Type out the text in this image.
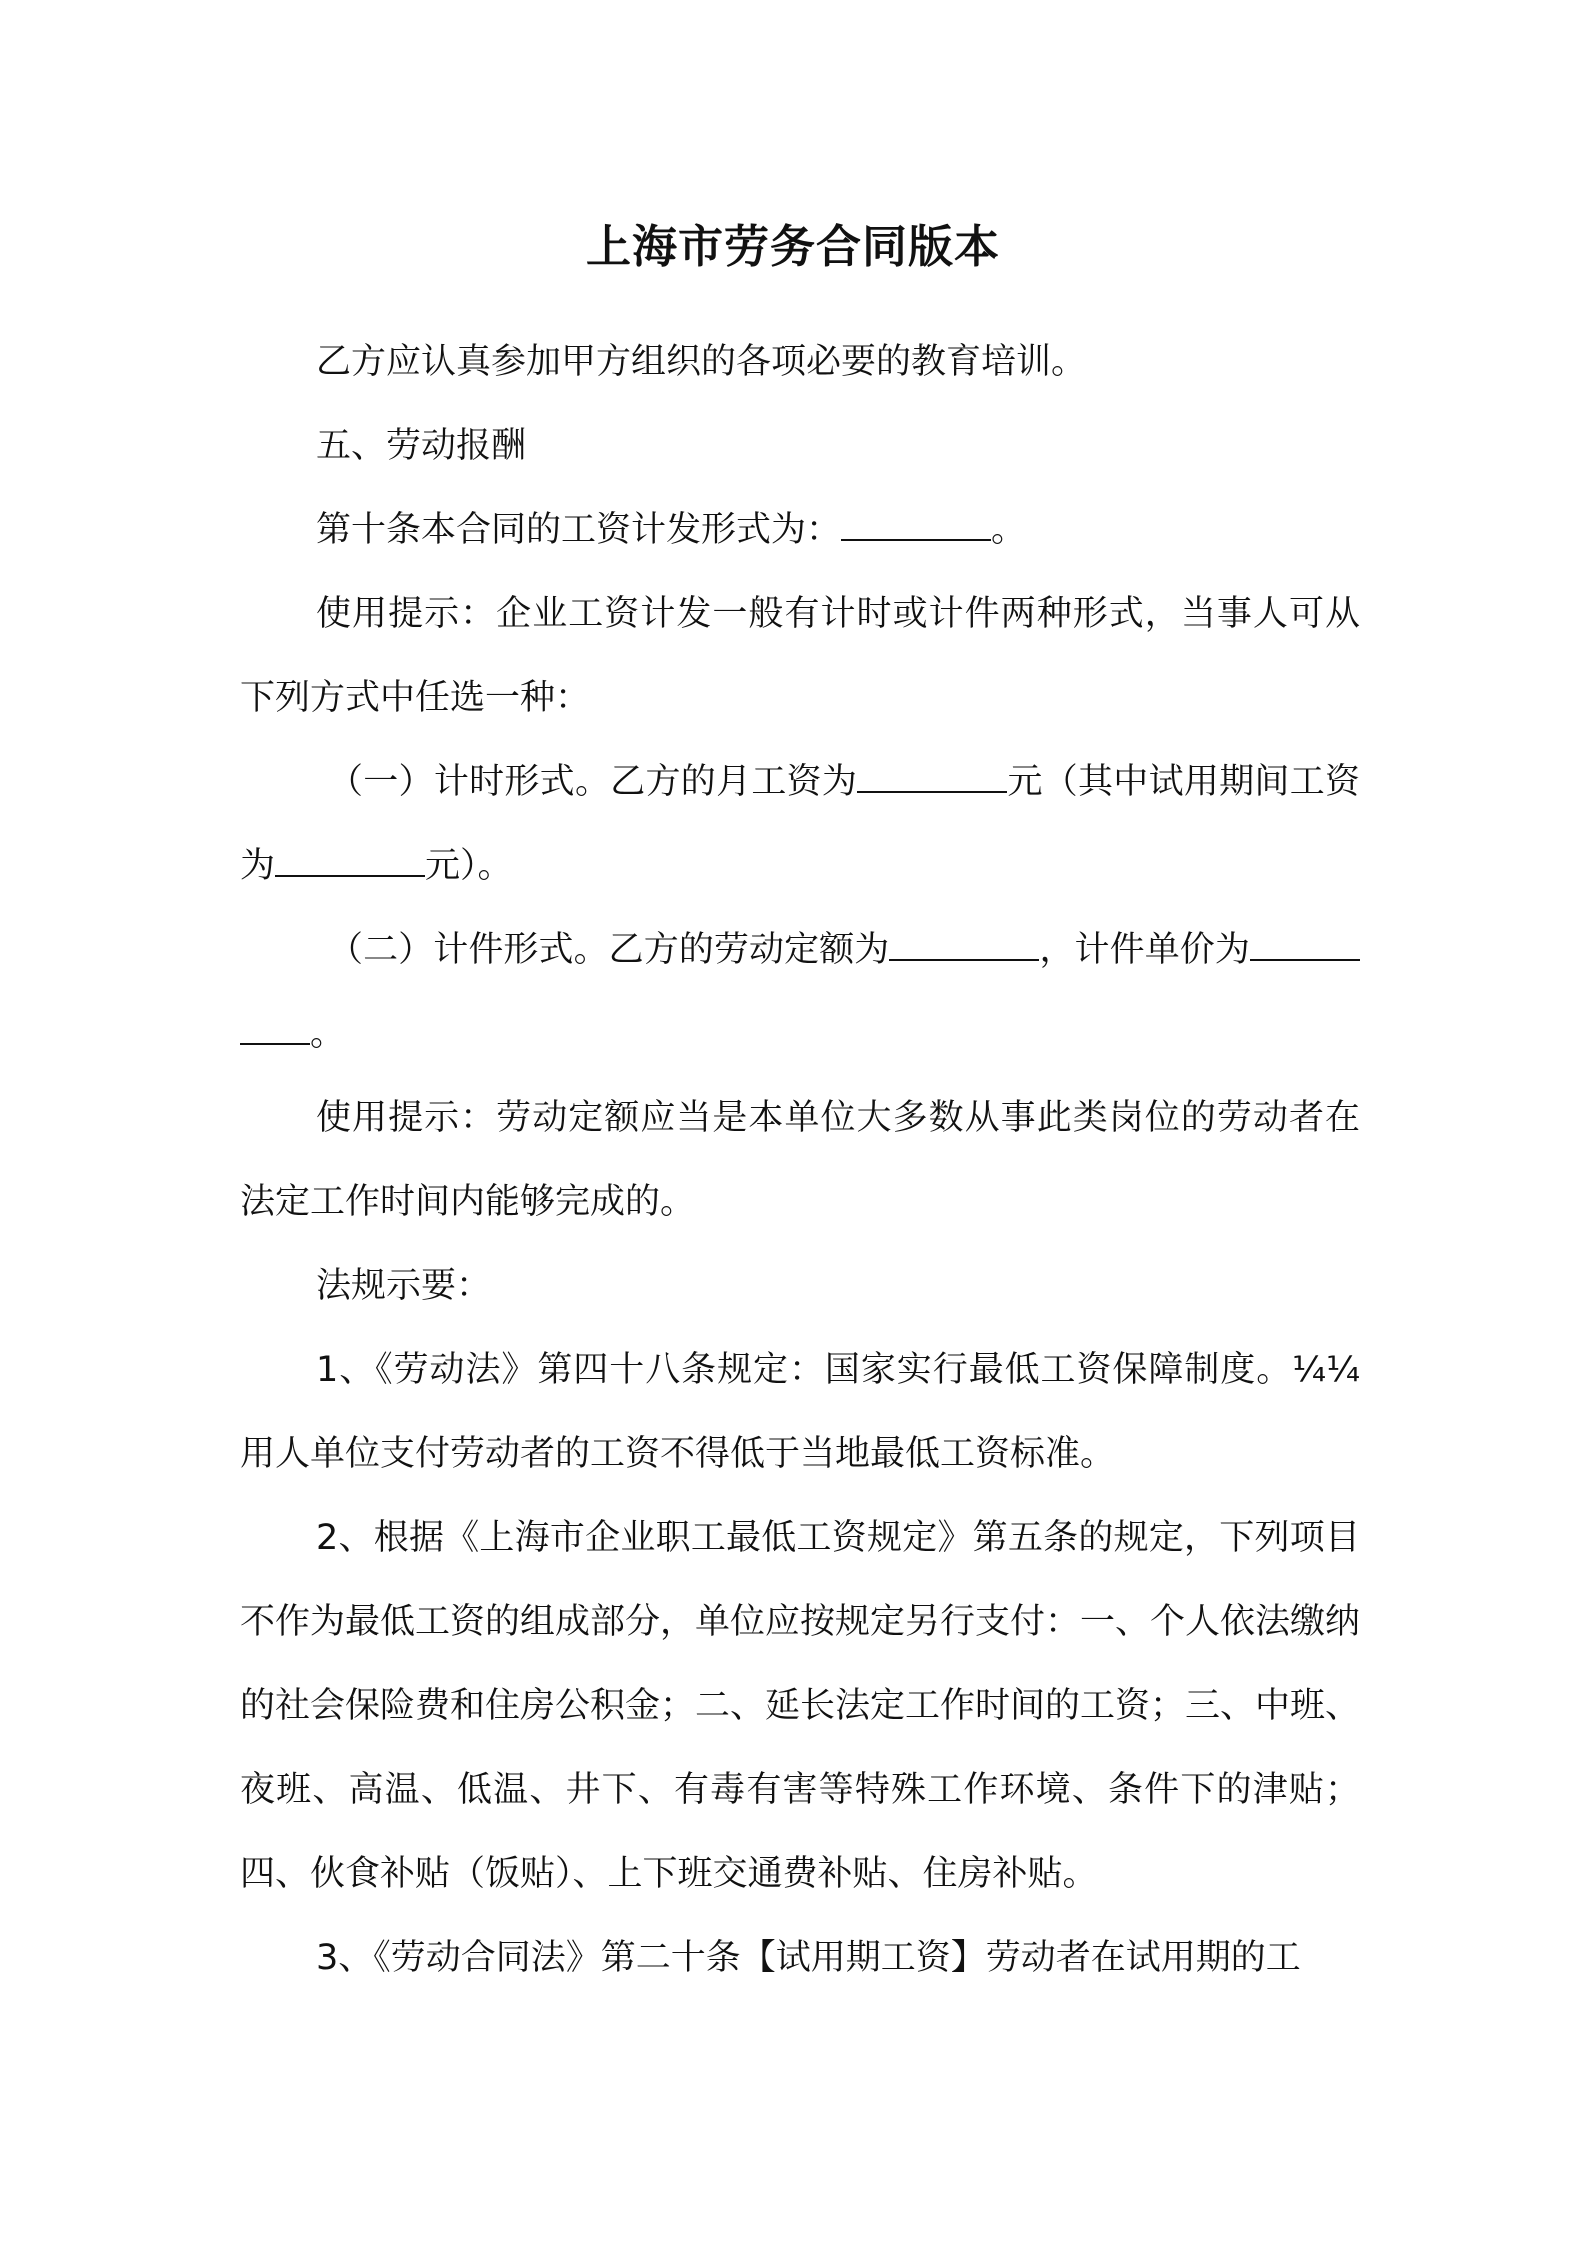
上海市劳务合同版本

乙方应认真参加甲方组织的各项必要的教育培训。

五、劳动报酬

第十条本合同的工资计发形式为：	。

使用提示：企业工资计发一般有计时或计件两种形式，当事人可从下列方式中任选一种：

（一）计时形式。乙方的月工资为	元（其中试用期间工资为	元）。

（二）计件形式。乙方的劳动定额为	，计件单价为。

使用提示：劳动定额应当是本单位大多数从事此类岗位的劳动者在法定工作时间内能够完成的。

法规示要：

1、《劳动法》第四十八条规定：国家实行最低工资保障制度。¼¼用人单位支付劳动者的工资不得低于当地最低工资标准。

2、根据《上海市企业职工最低工资规定》第五条的规定，下列项目不作为最低工资的组成部分，单位应按规定另行支付：一、个人依法缴纳的社会保险费和住房公积金；二、延长法定工作时间的工资；三、中班、夜班、高温、低温、井下、有毒有害等特殊工作环境、条件下的津贴；四、伙食补贴（饭贴）、上下班交通费补贴、住房补贴。

3、《劳动合同法》第二十条【试用期工资】劳动者在试用期的工
